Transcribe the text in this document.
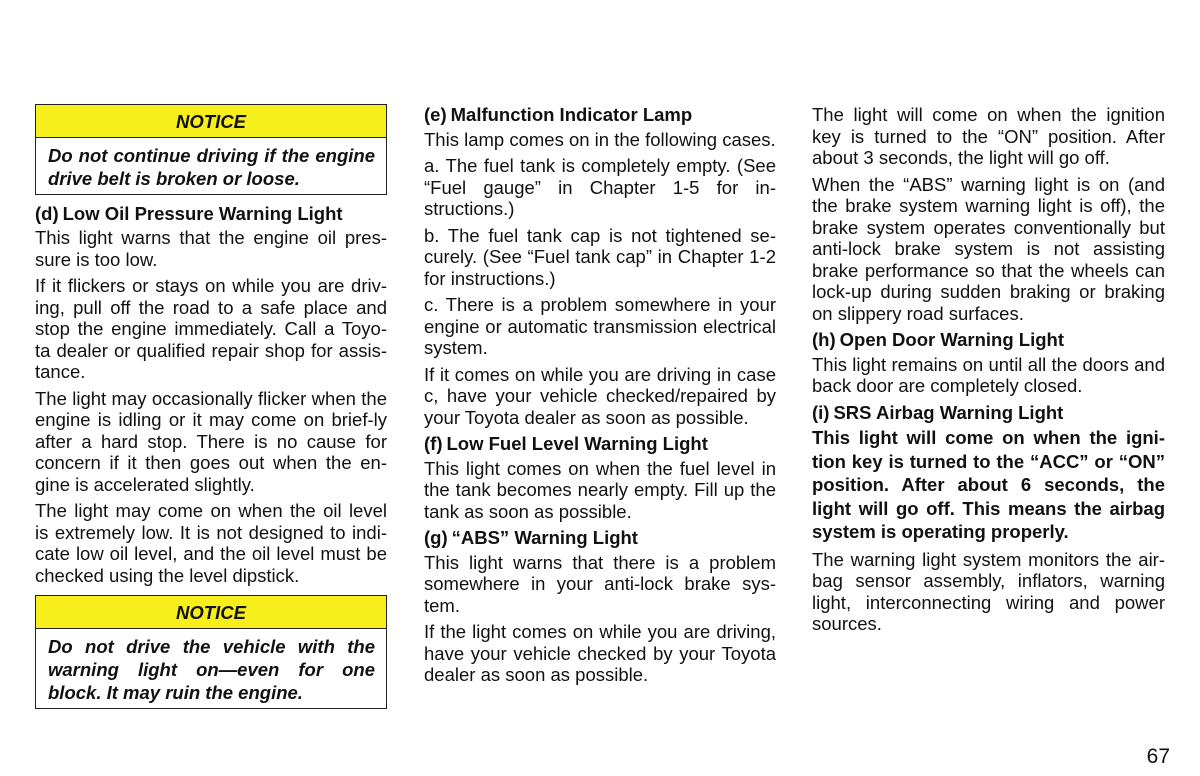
NOTICE

Do not continue driving if the engine drive belt is broken or loose.

(d) Low Oil Pressure Warning Light

This light warns that the engine oil pres-sure is too low.

If it flickers or stays on while you are driv-ing, pull off the road to a safe place and stop the engine immediately. Call a Toyo-ta dealer or qualified repair shop for assis-tance.

The light may occasionally flicker when the engine is idling or it may come on brief-ly after a hard stop. There is no cause for concern if it then goes out when the en-gine is accelerated slightly.

The light may come on when the oil level is extremely low. It is not designed to indi-cate low oil level, and the oil level must be checked using the level dipstick.

NOTICE

Do not drive the vehicle with the warning light on—even for one block. It may ruin the engine.

(e) Malfunction Indicator Lamp

This lamp comes on in the following cases.

a. The fuel tank is completely empty. (See “Fuel gauge” in Chapter 1-5 for in-structions.)

b. The fuel tank cap is not tightened se-curely. (See “Fuel tank cap” in Chapter 1-2 for instructions.)

c. There is a problem somewhere in your engine or automatic transmission electrical system.

If it comes on while you are driving in case c, have your vehicle checked/repaired by your Toyota dealer as soon as possible.

(f) Low Fuel Level Warning Light

This light comes on when the fuel level in the tank becomes nearly empty. Fill up the tank as soon as possible.

(g) “ABS” Warning Light

This light warns that there is a problem somewhere in your anti-lock brake sys-tem.

If the light comes on while you are driving, have your vehicle checked by your Toyota dealer as soon as possible.

The light will come on when the ignition key is turned to the “ON” position. After about 3 seconds, the light will go off.

When the “ABS” warning light is on (and the brake system warning light is off), the brake system operates conventionally but anti-lock brake system is not assisting brake performance so that the wheels can lock-up during sudden braking or braking on slippery road surfaces.

(h) Open Door Warning Light

This light remains on until all the doors and back door are completely closed.

(i) SRS Airbag Warning Light

This light will come on when the igni-tion key is turned to the “ACC” or “ON” position. After about 6 seconds, the light will go off. This means the airbag system is operating properly.

The warning light system monitors the air-bag sensor assembly, inflators, warning light, interconnecting wiring and power sources.

67
